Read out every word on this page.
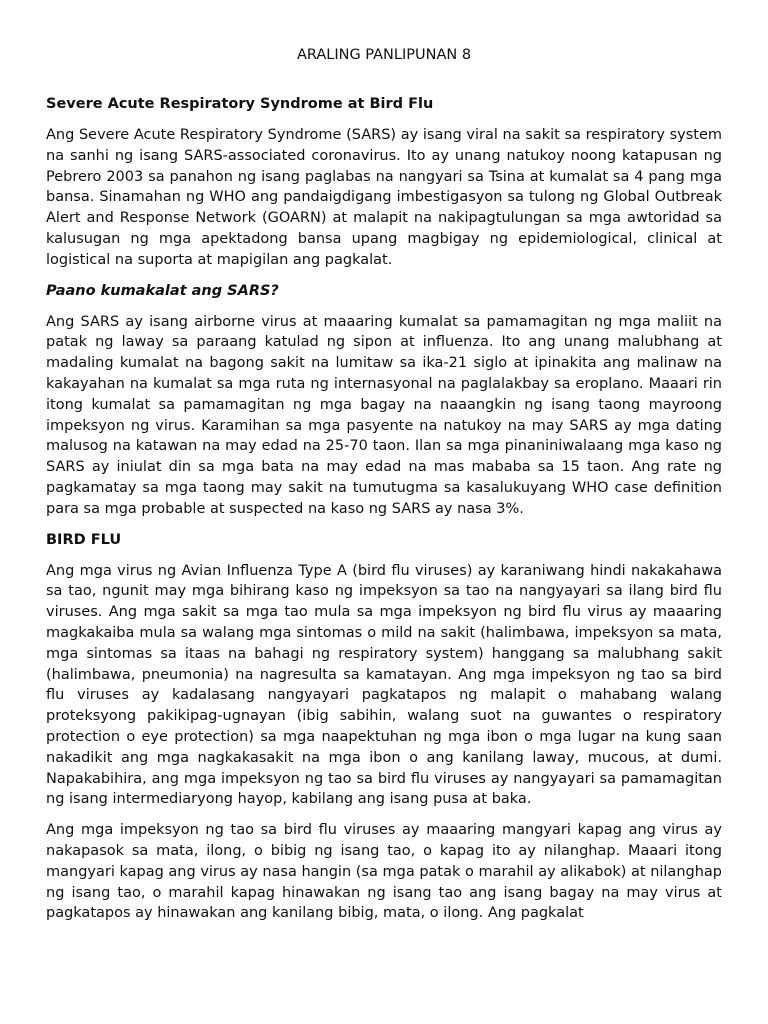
ARALING PANLIPUNAN 8
Severe Acute Respiratory Syndrome at Bird Flu

Ang Severe Acute Respiratory Syndrome (SARS) ay isang viral na sakit sa respiratory system na sanhi ng isang SARS-associated coronavirus. Ito ay unang natukoy noong katapusan ng Pebrero 2003 sa panahon ng isang paglabas na nangyari sa Tsina at kumalat sa 4 pang mga bansa. Sinamahan ng WHO ang pandaigdigang imbestigasyon sa tulong ng Global Outbreak Alert and Response Network (GOARN) at malapit na nakipagtulungan sa mga awtoridad sa kalusugan ng mga apektadong bansa upang magbigay ng epidemiological, clinical at logistical na suporta at mapigilan ang pagkalat.

Paano kumakalat ang SARS?

Ang SARS ay isang airborne virus at maaaring kumalat sa pamamagitan ng mga maliit na patak ng laway sa paraang katulad ng sipon at influenza. Ito ang unang malubhang at madaling kumalat na bagong sakit na lumitaw sa ika-21 siglo at ipinakita ang malinaw na kakayahan na kumalat sa mga ruta ng internasyonal na paglalakbay sa eroplano. Maaari rin itong kumalat sa pamamagitan ng mga bagay na naaangkin ng isang taong mayroong impeksyon ng virus. Karamihan sa mga pasyente na natukoy na may SARS ay mga dating malusog na katawan na may edad na 25-70 taon. Ilan sa mga pinaniniwalaang mga kaso ng SARS ay iniulat din sa mga bata na may edad na mas mababa sa 15 taon. Ang rate ng pagkamatay sa mga taong may sakit na tumutugma sa kasalukuyang WHO case definition para sa mga probable at suspected na kaso ng SARS ay nasa 3%.

BIRD FLU

Ang mga virus ng Avian Influenza Type A (bird flu viruses) ay karaniwang hindi nakakahawa sa tao, ngunit may mga bihirang kaso ng impeksyon sa tao na nangyayari sa ilang bird flu viruses. Ang mga sakit sa mga tao mula sa mga impeksyon ng bird flu virus ay maaaring magkakaiba mula sa walang mga sintomas o mild na sakit (halimbawa, impeksyon sa mata, mga sintomas sa itaas na bahagi ng respiratory system) hanggang sa malubhang sakit (halimbawa, pneumonia) na nagresulta sa kamatayan. Ang mga impeksyon ng tao sa bird flu viruses ay kadalasang nangyayari pagkatapos ng malapit o mahabang walang proteksyong pakikipag-ugnayan (ibig sabihin, walang suot na guwantes o respiratory protection o eye protection) sa mga naapektuhan ng mga ibon o mga lugar na kung saan nakadikit ang mga nagkakasakit na mga ibon o ang kanilang laway, mucous, at dumi. Napakabihira, ang mga impeksyon ng tao sa bird flu viruses ay nangyayari sa pamamagitan ng isang intermediaryong hayop, kabilang ang isang pusa at baka.

Ang mga impeksyon ng tao sa bird flu viruses ay maaaring mangyari kapag ang virus ay nakapasok sa mata, ilong, o bibig ng isang tao, o kapag ito ay nilanghap. Maaari itong mangyari kapag ang virus ay nasa hangin (sa mga patak o marahil ay alikabok) at nilanghap ng isang tao, o marahil kapag hinawakan ng isang tao ang isang bagay na may virus at pagkatapos ay hinawakan ang kanilang bibig, mata, o ilong. Ang pagkalat
